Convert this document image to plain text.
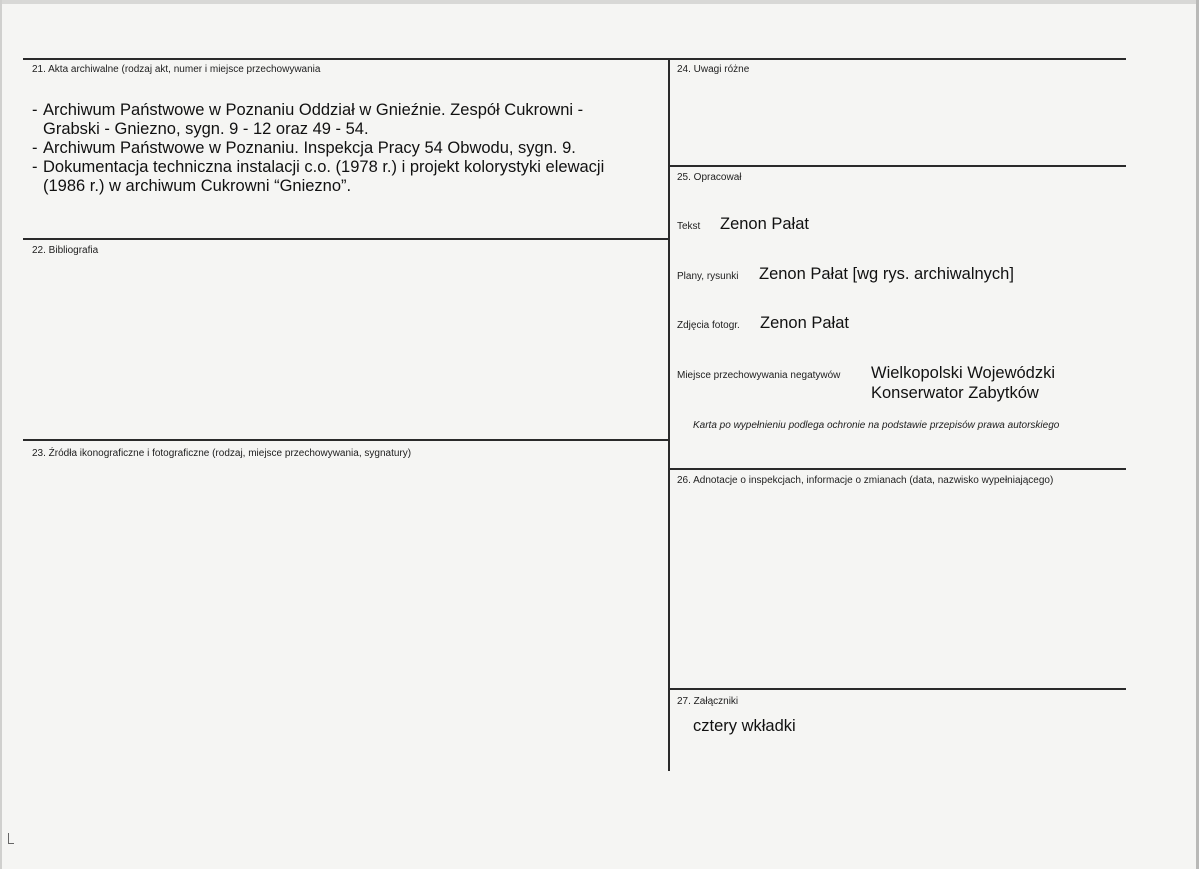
21. Akta archiwalne (rodzaj akt, numer i miejsce przechowywania
- Archiwum Państwowe w Poznaniu Oddział w Gnieźnie. Zespół Cukrowni -
Grabski - Gniezno, sygn. 9 - 12 oraz 49 - 54.
- Archiwum Państwowe w Poznaniu. Inspekcja Pracy 54 Obwodu, sygn. 9.
- Dokumentacja techniczna instalacji c.o. (1978 r.) i projekt kolorystyki elewacji
(1986 r.) w archiwum Cukrowni “Gniezno”.
22. Bibliografia
23. Źródła ikonograficzne i fotograficzne (rodzaj, miejsce przechowywania, sygnatury)
24. Uwagi różne
25. Opracował
Tekst Zenon Pałat
Plany, rysunki Zenon Pałat [wg rys. archiwalnych]
Zdjęcia fotogr. Zenon Pałat
Miejsce przechowywania negatywów Wielkopolski Wojewódzki
Konserwator Zabytków
Karta po wypełnieniu podlega ochronie na podstawie przepisów prawa autorskiego
26. Adnotacje o inspekcjach, informacje o zmianach (data, nazwisko wypełniającego)
27. Załączniki
cztery wkładki
